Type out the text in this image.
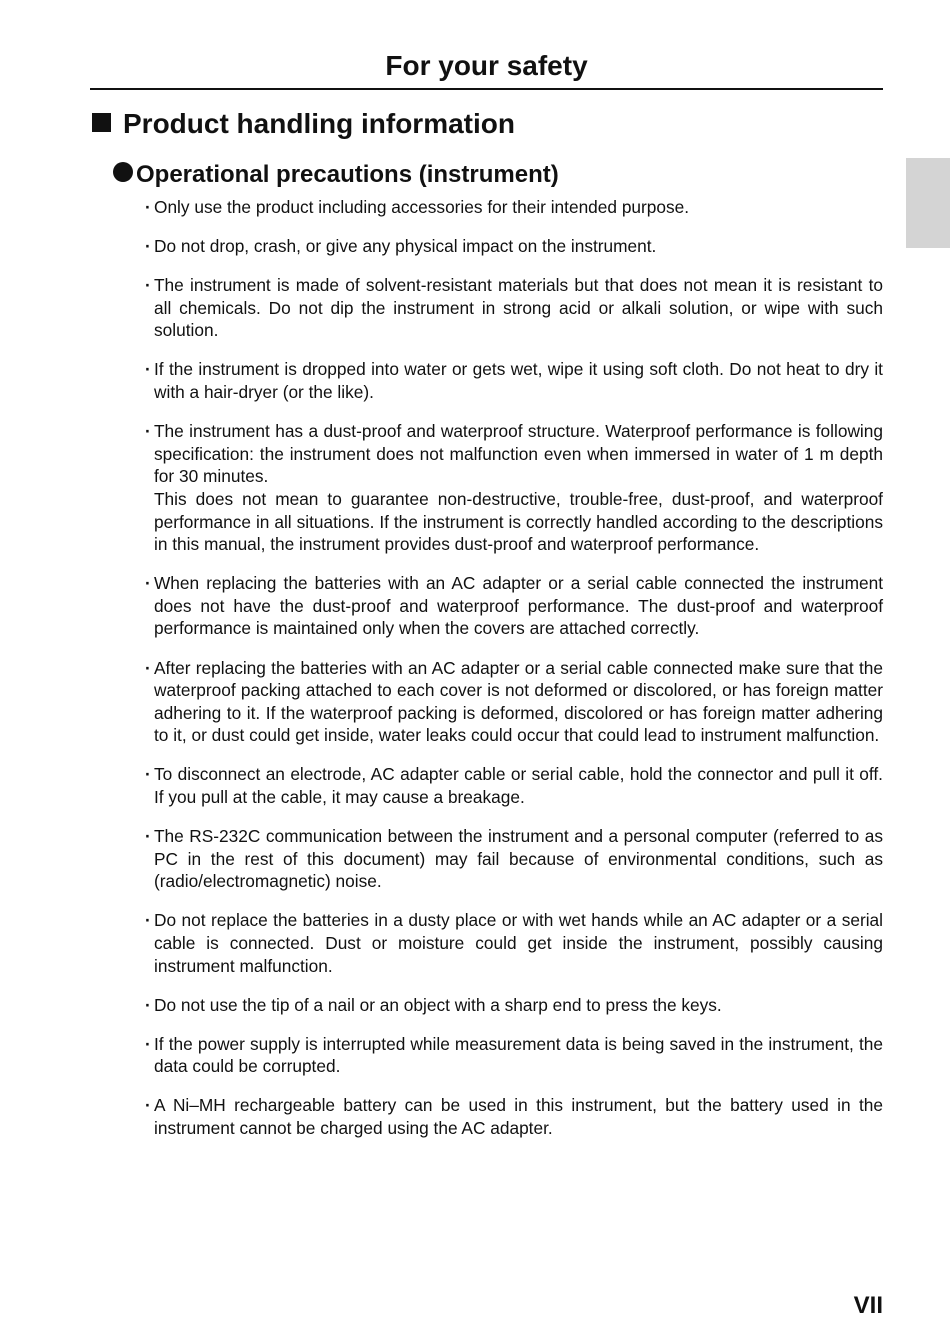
For your safety
Product handling information
Operational precautions (instrument)
· Only use the product including accessories for their intended purpose.

· Do not drop, crash, or give any physical impact on the instrument.

· The instrument is made of solvent-resistant materials but that does not mean it is resistant to all chemicals. Do not dip the instrument in strong acid or alkali solution, or wipe with such solution.

· If the instrument is dropped into water or gets wet, wipe it using soft cloth. Do not heat to dry it with a hair-dryer (or the like).

· The instrument has a dust-proof and waterproof structure. Waterproof performance is following specification: the instrument does not malfunction even when immersed in water of 1 m depth for 30 minutes.

This does not mean to guarantee non-destructive, trouble-free, dust-proof, and waterproof performance in all situations. If the instrument is correctly handled according to the descriptions in this manual, the instrument provides dust-proof and waterproof performance.

· When replacing the batteries with an AC adapter or a serial cable connected the instrument does not have the dust-proof and waterproof performance. The dust-proof and waterproof performance is maintained only when the covers are attached correctly.

· After replacing the batteries with an AC adapter or a serial cable connected make sure that the waterproof packing attached to each cover is not deformed or discolored, or has foreign matter adhering to it. If the waterproof packing is deformed, discolored or has foreign matter adhering to it, or dust could get inside, water leaks could occur that could lead to instrument malfunction.

· To disconnect an electrode, AC adapter cable or serial cable, hold the connector and pull it off. If you pull at the cable, it may cause a breakage.

· The RS-232C communication between the instrument and a personal computer (referred to as PC in the rest of this document) may fail because of environmental conditions, such as (radio/electromagnetic) noise.

· Do not replace the batteries in a dusty place or with wet hands while an AC adapter or a serial cable is connected. Dust or moisture could get inside the instrument, possibly causing instrument malfunction.

· Do not use the tip of a nail or an object with a sharp end to press the keys.

· If the power supply is interrupted while measurement data is being saved in the instrument, the data could be corrupted.

· A Ni–MH rechargeable battery can be used in this instrument, but the battery used in the instrument cannot be charged using the AC adapter.

VII
